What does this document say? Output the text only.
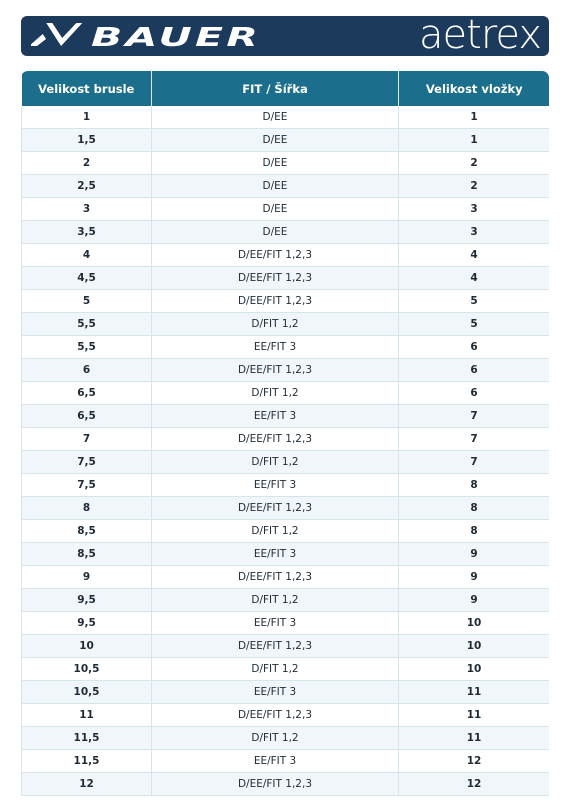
BAUER	aetrex
Velikost brusle	FIT / Šířka	Velikost vložky
1	D/EE	1
1,5	D/EE	1
2	D/EE	2
2,5	D/EE	2
3	D/EE	3
3,5	D/EE	3
4	D/EE/FIT 1,2,3	4
4,5	D/EE/FIT 1,2,3	4
5	D/EE/FIT 1,2,3	5
5,5	D/FIT 1,2	5
5,5	EE/FIT 3	6
6	D/EE/FIT 1,2,3	6
6,5	D/FIT 1,2	6
6,5	EE/FIT 3	7
7	D/EE/FIT 1,2,3	7
7,5	D/FIT 1,2	7
7,5	EE/FIT 3	8
8	D/EE/FIT 1,2,3	8
8,5	D/FIT 1,2	8
8,5	EE/FIT 3	9
9	D/EE/FIT 1,2,3	9
9,5	D/FIT 1,2	9
9,5	EE/FIT 3	10
10	D/EE/FIT 1,2,3	10
10,5	D/FIT 1,2	10
10,5	EE/FIT 3	11
11	D/EE/FIT 1,2,3	11
11,5	D/FIT 1,2	11
11,5	EE/FIT 3	12
12	D/EE/FIT 1,2,3	12
